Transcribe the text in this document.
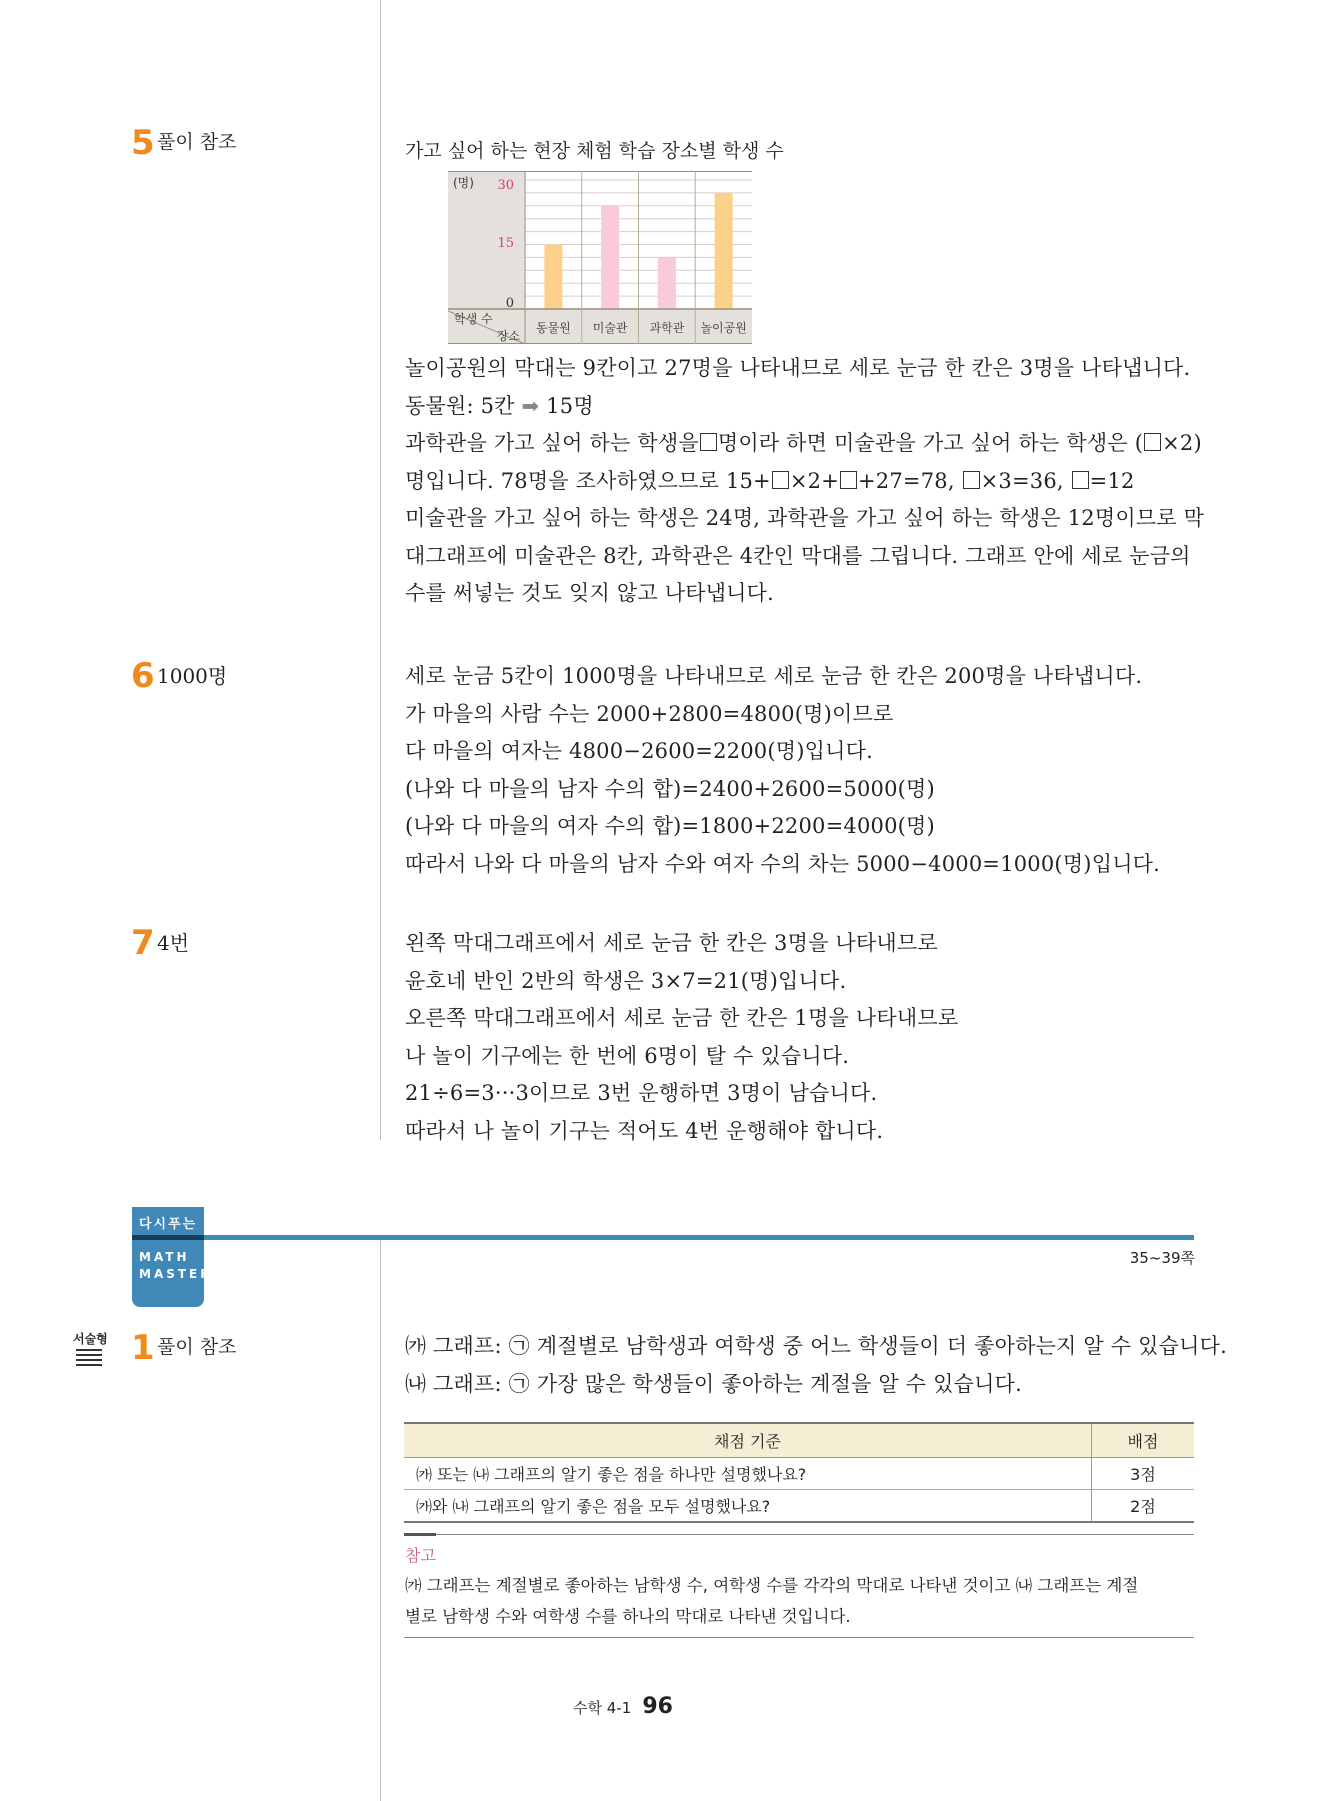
5 풀이 참조	가고 싶어 하는 현장 체험 학습 장소별 학생 수
(명) 30
15
0
학생 수
장소
동물원 미술관 과학관 놀이공원

놀이공원의 막대는 9칸이고 27명을 나타내므로 세로 눈금 한 칸은 3명을 나타냅니다.

동물원: 5칸 ➡ 15명

과학관을 가고 싶어 하는 학생을 명이라 하면 미술관을 가고 싶어 하는 학생은 ( ×2)

명입니다. 78명을 조사하였으므로 15+ ×2+ +27=78, ×3=36, =12

미술관을 가고 싶어 하는 학생은 24명, 과학관을 가고 싶어 하는 학생은 12명이므로 막

대그래프에 미술관은 8칸, 과학관은 4칸인 막대를 그립니다. 그래프 안에 세로 눈금의

수를 써넣는 것도 잊지 않고 나타냅니다.

6 1000명	세로 눈금 5칸이 1000명을 나타내므로 세로 눈금 한 칸은 200명을 나타냅니다.

가 마을의 사람 수는 2000+2800=4800(명)이므로

다 마을의 여자는 4800−2600=2200(명)입니다.

(나와 다 마을의 남자 수의 합)=2400+2600=5000(명)

(나와 다 마을의 여자 수의 합)=1800+2200=4000(명)

따라서 나와 다 마을의 남자 수와 여자 수의 차는 5000−4000=1000(명)입니다.

7 4번	왼쪽 막대그래프에서 세로 눈금 한 칸은 3명을 나타내므로

윤호네 반인 2반의 학생은 3×7=21(명)입니다.

오른쪽 막대그래프에서 세로 눈금 한 칸은 1명을 나타내므로

나 놀이 기구에는 한 번에 6명이 탈 수 있습니다.

21÷6=3···3이므로 3번 운행하면 3명이 남습니다.

따라서 나 놀이 기구는 적어도 4번 운행해야 합니다.

다시푸는
MATH
MASTER
35~39쪽
서술형 1 풀이 참조	㈎ 그래프: ㉠ 계절별로 남학생과 여학생 중 어느 학생들이 더 좋아하는지 알 수 있습니다.

㈏ 그래프: ㉠ 가장 많은 학생들이 좋아하는 계절을 알 수 있습니다.

채점 기준	배점
㈎ 또는 ㈏ 그래프의 알기 좋은 점을 하나만 설명했나요?	3점
㈎와 ㈏ 그래프의 알기 좋은 점을 모두 설명했나요?	2점
참고

㈎ 그래프는 계절별로 좋아하는 남학생 수, 여학생 수를 각각의 막대로 나타낸 것이고 ㈏ 그래프는 계절

별로 남학생 수와 여학생 수를 하나의 막대로 나타낸 것입니다.

수학 4-1 96
